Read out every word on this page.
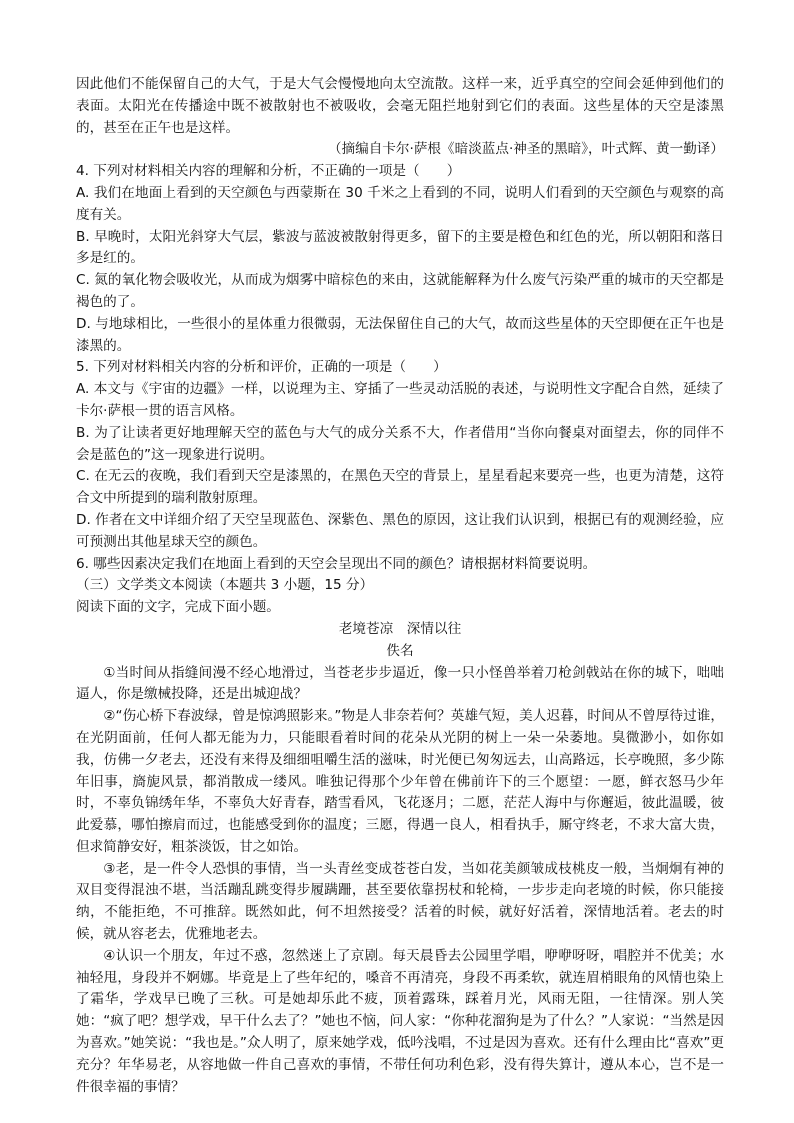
因此他们不能保留自己的大气，于是大气会慢慢地向太空流散。这样一来，近乎真空的空间会延伸到他们的表面。太阳光在传播途中既不被散射也不被吸收，会毫无阻拦地射到它们的表面。这些星体的天空是漆黑的，甚至在正午也是这样。

（摘编自卡尔·萨根《暗淡蓝点·神圣的黑暗》，叶式辉、黄一勤译）

4. 下列对材料相关内容的理解和分析，不正确的一项是（　　）

A. 我们在地面上看到的天空颜色与西蒙斯在 30 千米之上看到的不同，说明人们看到的天空颜色与观察的高度有关。

B. 早晚时，太阳光斜穿大气层，紫波与蓝波被散射得更多，留下的主要是橙色和红色的光，所以朝阳和落日多是红的。

C. 氮的氧化物会吸收光，从而成为烟雾中暗棕色的来由，这就能解释为什么废气污染严重的城市的天空都是褐色的了。

D. 与地球相比，一些很小的星体重力很微弱，无法保留住自己的大气，故而这些星体的天空即便在正午也是漆黑的。

5. 下列对材料相关内容的分析和评价，正确的一项是（　　）

A. 本文与《宇宙的边疆》一样，以说理为主、穿插了一些灵动活脱的表述，与说明性文字配合自然，延续了卡尔·萨根一贯的语言风格。

B. 为了让读者更好地理解天空的蓝色与大气的成分关系不大，作者借用“当你向餐桌对面望去，你的同伴不会是蓝色的”这一现象进行说明。

C. 在无云的夜晚，我们看到天空是漆黑的，在黑色天空的背景上，星星看起来要亮一些，也更为清楚，这符合文中所提到的瑞利散射原理。

D. 作者在文中详细介绍了天空呈现蓝色、深紫色、黑色的原因，这让我们认识到，根据已有的观测经验，应可预测出其他星球天空的颜色。

6. 哪些因素决定我们在地面上看到的天空会呈现出不同的颜色？请根据材料简要说明。

（三）文学类文本阅读（本题共 3 小题，15 分）

阅读下面的文字，完成下面小题。

老境苍凉　深情以往

佚名

①当时间从指缝间漫不经心地滑过，当苍老步步逼近，像一只小怪兽举着刀枪剑戟站在你的城下，咄咄逼人，你是缴械投降，还是出城迎战？

②“伤心桥下春波绿，曾是惊鸿照影来。”物是人非奈若何？英雄气短，美人迟暮，时间从不曾厚待过谁，在光阴面前，任何人都无能为力，只能眼看着时间的花朵从光阴的树上一朵一朵萎地。臭微渺小，如你如我，仿佛一夕老去，还没有来得及细细咀嚼生活的滋味，时光便已匆匆远去，山高路远，长亭晚照，多少陈年旧事，旖旎风景，都消散成一缕风。唯独记得那个少年曾在佛前许下的三个愿望：一愿，鲜衣怒马少年时，不辜负锦绣年华，不辜负大好青春，踏雪看风，飞花逐月；二愿，茫茫人海中与你邂逅，彼此温暖，彼此爱慕，哪怕擦肩而过，也能感受到你的温度；三愿，得遇一良人，相看执手，厮守终老，不求大富大贵，但求简静安好，粗茶淡饭，甘之如饴。

③老，是一件令人恐惧的事情，当一头青丝变成苍苍白发，当如花美颜皱成枝桃皮一般，当炯炯有神的双目变得混浊不堪，当活蹦乱跳变得步履蹒跚，甚至要依靠拐杖和轮椅，一步步走向老境的时候，你只能接纳，不能拒绝，不可推辞。既然如此，何不坦然接受？活着的时候，就好好活着，深情地活着。老去的时候，就从容老去，优雅地老去。

④认识一个朋友，年过不惑，忽然迷上了京剧。每天晨昏去公园里学唱，咿咿呀呀，唱腔并不优美；水袖轻甩，身段并不婀娜。毕竟是上了些年纪的，嗓音不再清亮，身段不再柔软，就连眉梢眼角的风情也染上了霜华，学戏早已晚了三秋。可是她却乐此不疲，顶着露珠，踩着月光，风雨无阻，一往情深。别人笑她：“疯了吧？想学戏，早干什么去了？”她也不恼，问人家：“你种花溜狗是为了什么？”人家说：“当然是因为喜欢。”她笑说：“我也是。”众人明了，原来她学戏，低吟浅唱，不过是因为喜欢。还有什么理由比“喜欢”更充分？年华易老，从容地做一件自己喜欢的事情，不带任何功利色彩，没有得失算计，遵从本心，岂不是一件很幸福的事情？
